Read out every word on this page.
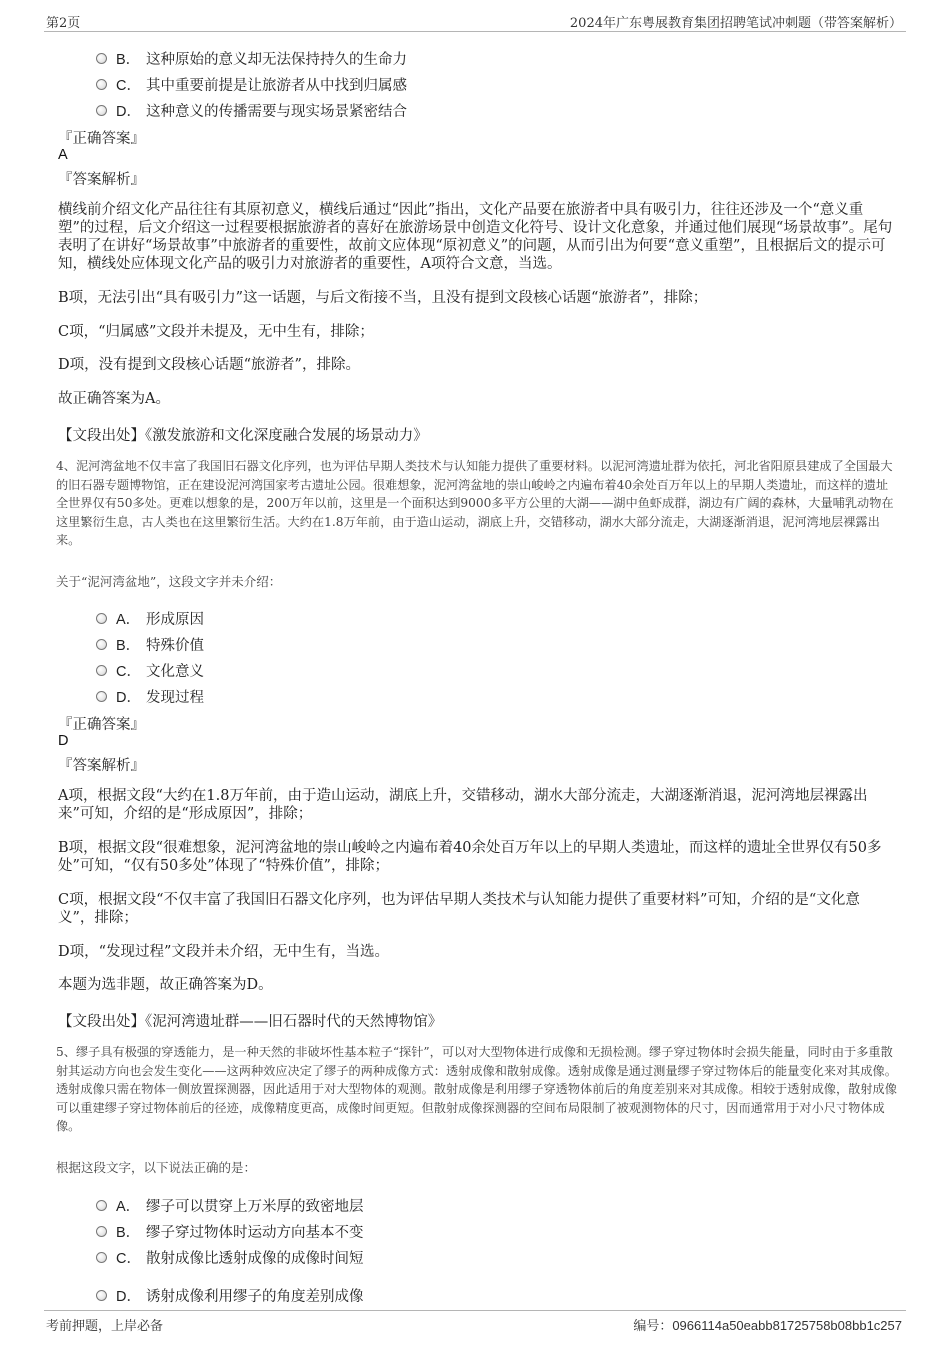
第2页	2024年广东粤展教育集团招聘笔试冲刺题（带答案解析）
B． 这种原始的意义却无法保持持久的生命力
C． 其中重要前提是让旅游者从中找到归属感
D． 这种意义的传播需要与现实场景紧密结合
『正确答案』
A
『答案解析』
横线前介绍文化产品往往有其原初意义，横线后通过“因此”指出，文化产品要在旅游者中具有吸引力，往往还涉及一个“意义重塑”的过程，后文介绍这一过程要根据旅游者的喜好在旅游场景中创造文化符号、设计文化意象，并通过他们展现“场景故事”。尾句表明了在讲好“场景故事”中旅游者的重要性，故前文应体现“原初意义”的问题，从而引出为何要“意义重塑”，且根据后文的提示可知，横线处应体现文化产品的吸引力对旅游者的重要性，A项符合文意，当选。
B项，无法引出“具有吸引力”这一话题，与后文衔接不当，且没有提到文段核心话题“旅游者”，排除；
C项，“归属感”文段并未提及，无中生有，排除；
D项，没有提到文段核心话题“旅游者”，排除。
故正确答案为A。
【文段出处】《激发旅游和文化深度融合发展的场景动力》
4、泥河湾盆地不仅丰富了我国旧石器文化序列，也为评估早期人类技术与认知能力提供了重要材料。以泥河湾遗址群为依托，河北省阳原县建成了全国最大的旧石器专题博物馆，正在建设泥河湾国家考古遗址公园。很难想象，泥河湾盆地的崇山峻岭之内遍布着40余处百万年以上的早期人类遗址，而这样的遗址全世界仅有50多处。更难以想象的是，200万年以前，这里是一个面积达到9000多平方公里的大湖——湖中鱼虾成群，湖边有广阔的森林，大量哺乳动物在这里繁衍生息，古人类也在这里繁衍生活。大约在1.8万年前，由于造山运动，湖底上升，交错移动，湖水大部分流走，大湖逐渐消退，泥河湾地层裸露出来。
关于“泥河湾盆地”，这段文字并未介绍：
A． 形成原因
B． 特殊价值
C． 文化意义
D． 发现过程
『正确答案』
D
『答案解析』
A项，根据文段“大约在1.8万年前，由于造山运动，湖底上升，交错移动，湖水大部分流走，大湖逐渐消退，泥河湾地层裸露出来”可知，介绍的是“形成原因”，排除；
B项，根据文段“很难想象，泥河湾盆地的崇山峻岭之内遍布着40余处百万年以上的早期人类遗址，而这样的遗址全世界仅有50多处”可知，“仅有50多处”体现了“特殊价值”，排除；
C项，根据文段“不仅丰富了我国旧石器文化序列，也为评估早期人类技术与认知能力提供了重要材料”可知，介绍的是“文化意义”，排除；
D项，“发现过程”文段并未介绍，无中生有，当选。
本题为选非题，故正确答案为D。
【文段出处】《泥河湾遗址群——旧石器时代的天然博物馆》
5、缪子具有极强的穿透能力，是一种天然的非破坏性基本粒子“探针”，可以对大型物体进行成像和无损检测。缪子穿过物体时会损失能量，同时由于多重散射其运动方向也会发生变化——这两种效应决定了缪子的两种成像方式：透射成像和散射成像。透射成像是通过测量缪子穿过物体后的能量变化来对其成像。透射成像只需在物体一侧放置探测器，因此适用于对大型物体的观测。散射成像是利用缪子穿透物体前后的角度差别来对其成像。相较于透射成像，散射成像可以重建缪子穿过物体前后的径迹，成像精度更高，成像时间更短。但散射成像探测器的空间布局限制了被观测物体的尺寸，因而通常用于对小尺寸物体成像。
根据这段文字，以下说法正确的是：
A． 缪子可以贯穿上万米厚的致密地层
B． 缪子穿过物体时运动方向基本不变
C． 散射成像比透射成像的成像时间短
D． 诱射成像利用缪子的角度差别成像
考前押题，上岸必备	编号：0966114a50eabb81725758b08bb1c257
